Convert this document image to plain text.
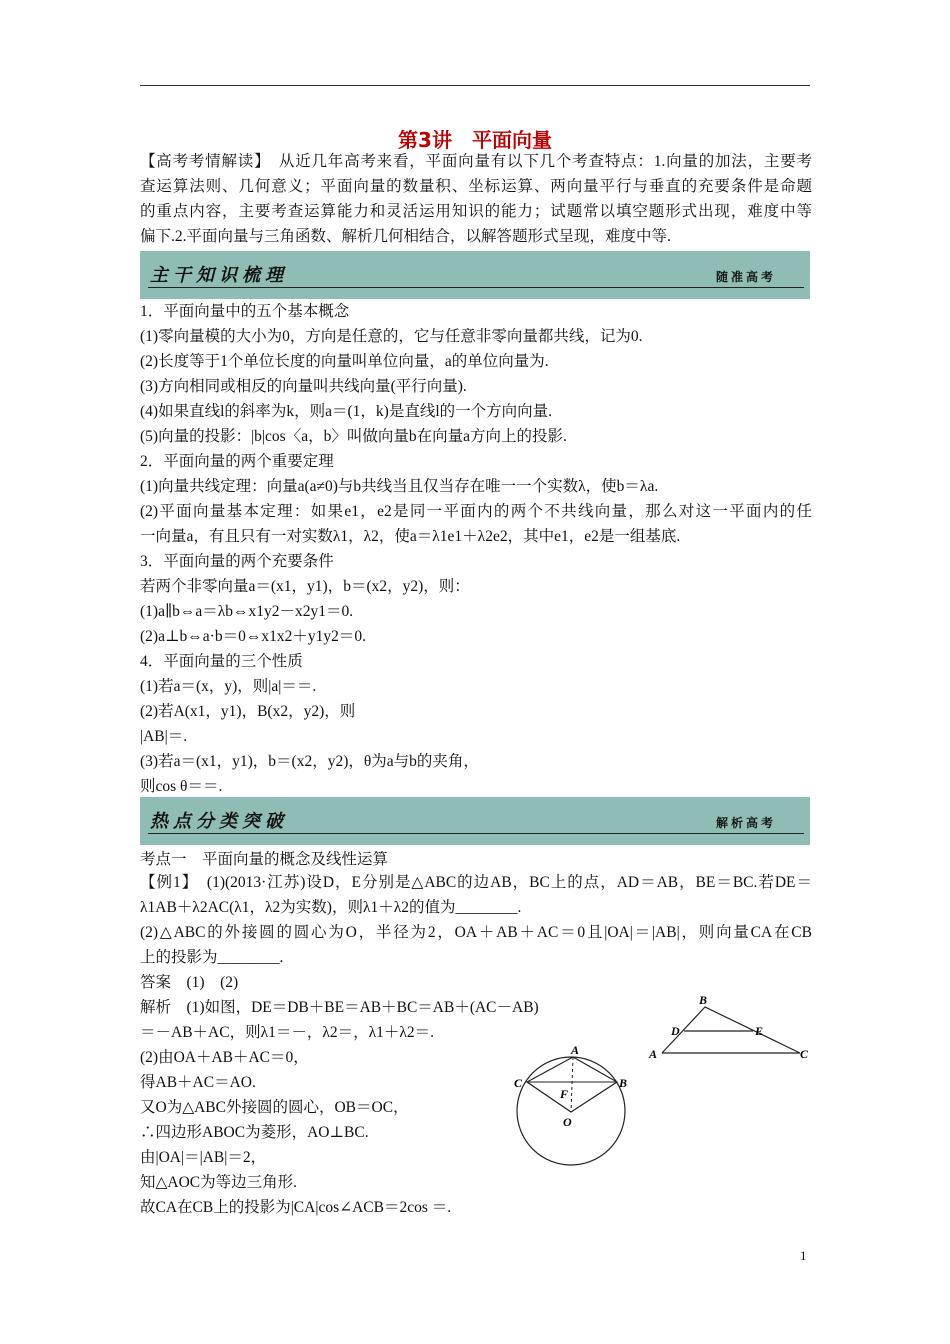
第3讲　平面向量
【高考考情解读】　从近几年高考来看，平面向量有以下几个考查特点：1.向量的加法，主要考
查运算法则、几何意义；平面向量的数量积、坐标运算、两向量平行与垂直的充要条件是命题
的重点内容，主要考查运算能力和灵活运用知识的能力；试题常以填空题形式出现，难度中等
偏下.2.平面向量与三角函数、解析几何相结合，以解答题形式呈现，难度中等.
主干知识梳理	随准高考
1．平面向量中的五个基本概念
(1)零向量模的大小为0，方向是任意的，它与任意非零向量都共线，记为0.
(2)长度等于1个单位长度的向量叫单位向量，a的单位向量为.
(3)方向相同或相反的向量叫共线向量(平行向量).
(4)如果直线l的斜率为k，则a＝(1，k)是直线l的一个方向向量.
(5)向量的投影：|b|cos〈a，b〉叫做向量b在向量a方向上的投影.
2．平面向量的两个重要定理
(1)向量共线定理：向量a(a≠0)与b共线当且仅当存在唯一一个实数λ，使b＝λa.
(2)平面向量基本定理：如果e1，e2是同一平面内的两个不共线向量，那么对这一平面内的任
一向量a，有且只有一对实数λ1，λ2，使a＝λ1e1＋λ2e2，其中e1，e2是一组基底.
3．平面向量的两个充要条件
若两个非零向量a＝(x1，y1)，b＝(x2，y2)，则：
(1)a∥b⇔a＝λb⇔x1y2－x2y1＝0.
(2)a⊥b⇔a·b＝0⇔x1x2＋y1y2＝0.
4．平面向量的三个性质
(1)若a＝(x，y)，则|a|＝＝.
(2)若A(x1，y1)，B(x2，y2)，则
|AB|＝.
(3)若a＝(x1，y1)，b＝(x2，y2)，θ为a与b的夹角，
则cos θ＝＝.
热点分类突破	解析高考
考点一　平面向量的概念及线性运算
【例1】　(1)(2013·江苏)设D，E分别是△ABC的边AB，BC上的点，AD＝AB，BE＝BC.若DE＝
λ1AB＋λ2AC(λ1，λ2为实数)，则λ1＋λ2的值为________.
(2)△ABC的外接圆的圆心为O，半径为2，OA＋AB＋AC＝0且|OA|＝|AB|，则向量CA在CB
上的投影为________.
答案　(1)　(2)
解析　(1)如图，DE＝DB＋BE＝AB＋BC＝AB＋(AC－AB)
＝－AB＋AC，则λ1＝－，λ2＝，λ1＋λ2＝.
(2)由OA＋AB＋AC＝0，
得AB＋AC＝AO.
又O为△ABC外接圆的圆心，OB＝OC，
∴四边形ABOC为菱形，AO⊥BC.
由|OA|＝|AB|＝2，
知△AOC为等边三角形.
故CA在CB上的投影为|CA|cos∠ACB＝2cos ＝.
B
D	E
A	C
A
B
C
F
O
1
